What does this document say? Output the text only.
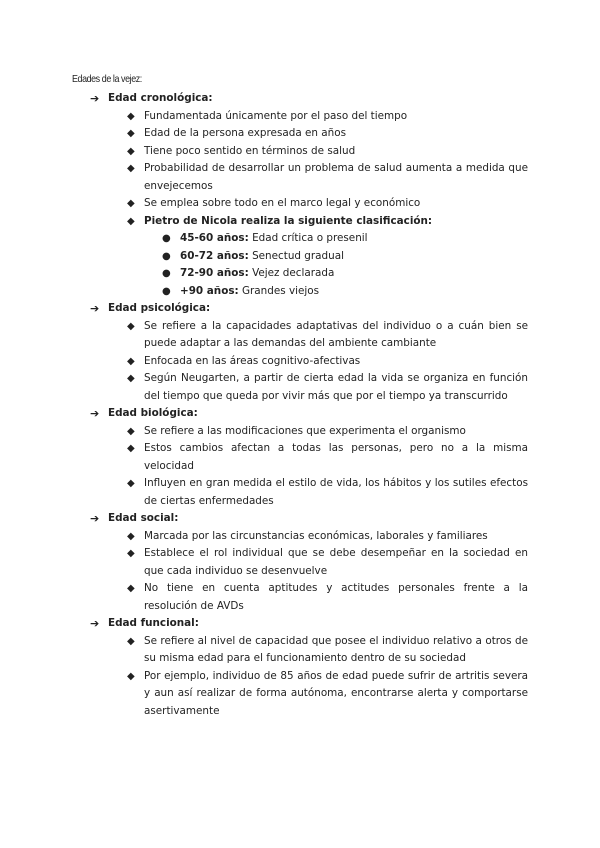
Edades de la vejez:
➔ Edad cronológica:
◆ Fundamentada únicamente por el paso del tiempo
◆ Edad de la persona expresada en años
◆ Tiene poco sentido en términos de salud
◆ Probabilidad de desarrollar un problema de salud aumenta a medida que envejecemos
◆ Se emplea sobre todo en el marco legal y económico
◆ Pietro de Nicola realiza la siguiente clasificación:
● 45-60 años: Edad crítica o presenil
● 60-72 años: Senectud gradual
● 72-90 años: Vejez declarada
● +90 años: Grandes viejos
➔ Edad psicológica:
◆ Se refiere a la capacidades adaptativas del individuo o a cuán bien se puede adaptar a las demandas del ambiente cambiante
◆ Enfocada en las áreas cognitivo-afectivas
◆ Según Neugarten, a partir de cierta edad la vida se organiza en función del tiempo que queda por vivir más que por el tiempo ya transcurrido
➔ Edad biológica:
◆ Se refiere a las modificaciones que experimenta el organismo
◆ Estos cambios afectan a todas las personas, pero no a la misma velocidad
◆ Influyen en gran medida el estilo de vida, los hábitos y los sutiles efectos de ciertas enfermedades
➔ Edad social:
◆ Marcada por las circunstancias económicas, laborales y familiares
◆ Establece el rol individual que se debe desempeñar en la sociedad en que cada individuo se desenvuelve
◆ No tiene en cuenta aptitudes y actitudes personales frente a la resolución de AVDs
➔ Edad funcional:
◆ Se refiere al nivel de capacidad que posee el individuo relativo a otros de su misma edad para el funcionamiento dentro de su sociedad
◆ Por ejemplo, individuo de 85 años de edad puede sufrir de artritis severa y aun así realizar de forma autónoma, encontrarse alerta y comportarse asertivamente
